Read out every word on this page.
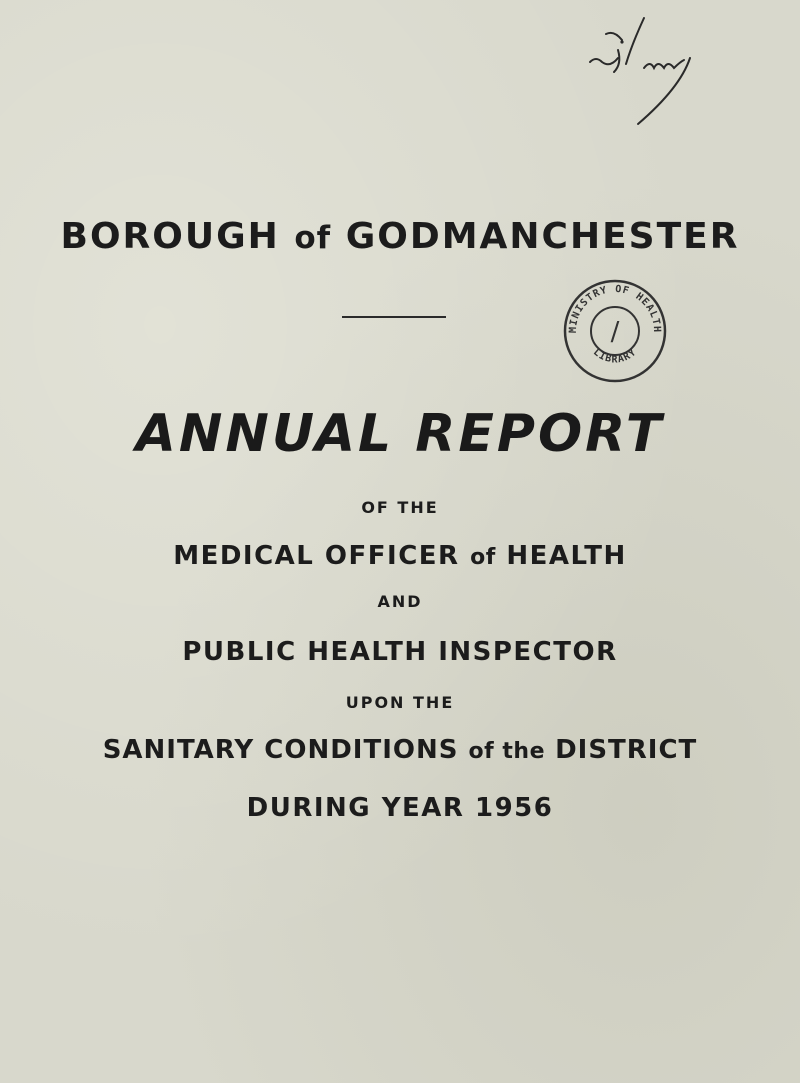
BOROUGH of GODMANCHESTER
MINISTRY OF HEALTH
LIBRARY
/
ANNUAL REPORT
OF THE
MEDICAL OFFICER of HEALTH
AND
PUBLIC HEALTH INSPECTOR
UPON THE
SANITARY CONDITIONS of the DISTRICT
DURING YEAR 1956
